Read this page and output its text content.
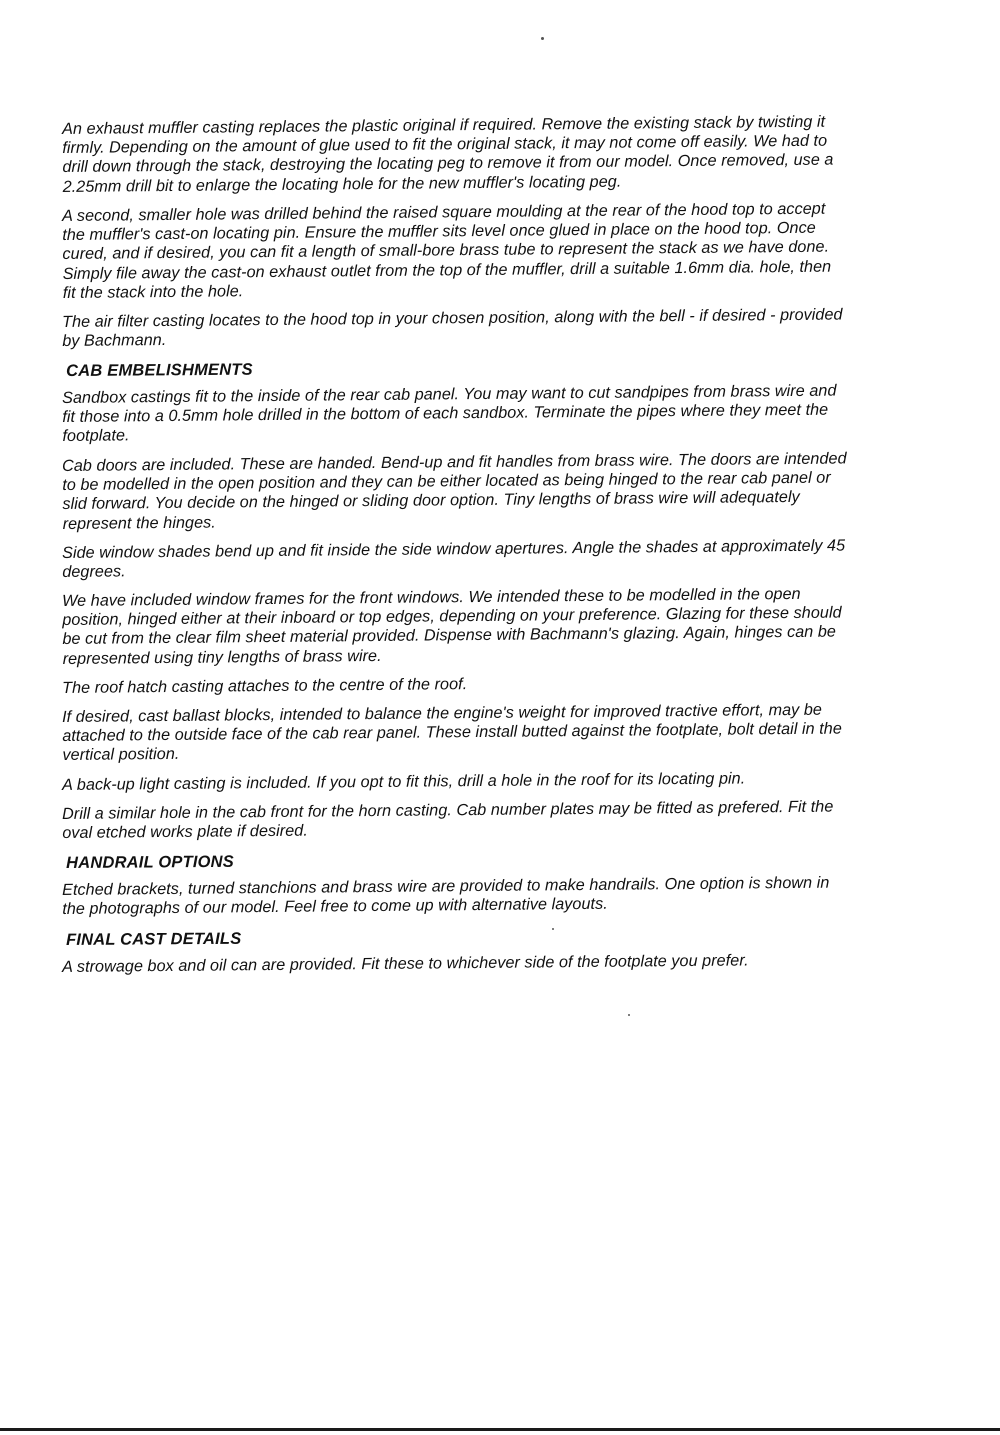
An exhaust muffler casting replaces the plastic original if required. Remove the existing stack by twisting it firmly. Depending on the amount of glue used to fit the original stack, it may not come off easily. We had to drill down through the stack, destroying the locating peg to remove it from our model. Once removed, use a 2.25mm drill bit to enlarge the locating hole for the new muffler's locating peg.

A second, smaller hole was drilled behind the raised square moulding at the rear of the hood top to accept the muffler's cast-on locating pin. Ensure the muffler sits level once glued in place on the hood top. Once cured, and if desired, you can fit a length of small-bore brass tube to represent the stack as we have done. Simply file away the cast-on exhaust outlet from the top of the muffler, drill a suitable 1.6mm dia. hole, then fit the stack into the hole.

The air filter casting locates to the hood top in your chosen position, along with the bell - if desired - provided by Bachmann.

CAB EMBELISHMENTS

Sandbox castings fit to the inside of the rear cab panel. You may want to cut sandpipes from brass wire and fit those into a 0.5mm hole drilled in the bottom of each sandbox. Terminate the pipes where they meet the footplate.

Cab doors are included. These are handed. Bend-up and fit handles from brass wire. The doors are intended to be modelled in the open position and they can be either located as being hinged to the rear cab panel or slid forward. You decide on the hinged or sliding door option. Tiny lengths of brass wire will adequately represent the hinges.

Side window shades bend up and fit inside the side window apertures. Angle the shades at approximately 45 degrees.

We have included window frames for the front windows. We intended these to be modelled in the open position, hinged either at their inboard or top edges, depending on your preference. Glazing for these should be cut from the clear film sheet material provided. Dispense with Bachmann's glazing. Again, hinges can be represented using tiny lengths of brass wire.

The roof hatch casting attaches to the centre of the roof.

If desired, cast ballast blocks, intended to balance the engine's weight for improved tractive effort, may be attached to the outside face of the cab rear panel. These install butted against the footplate, bolt detail in the vertical position.

A back-up light casting is included. If you opt to fit this, drill a hole in the roof for its locating pin.

Drill a similar hole in the cab front for the horn casting. Cab number plates may be fitted as prefered. Fit the oval etched works plate if desired.

HANDRAIL OPTIONS

Etched brackets, turned stanchions and brass wire are provided to make handrails. One option is shown in the photographs of our model. Feel free to come up with alternative layouts.

FINAL CAST DETAILS

A strowage box and oil can are provided. Fit these to whichever side of the footplate you prefer.
